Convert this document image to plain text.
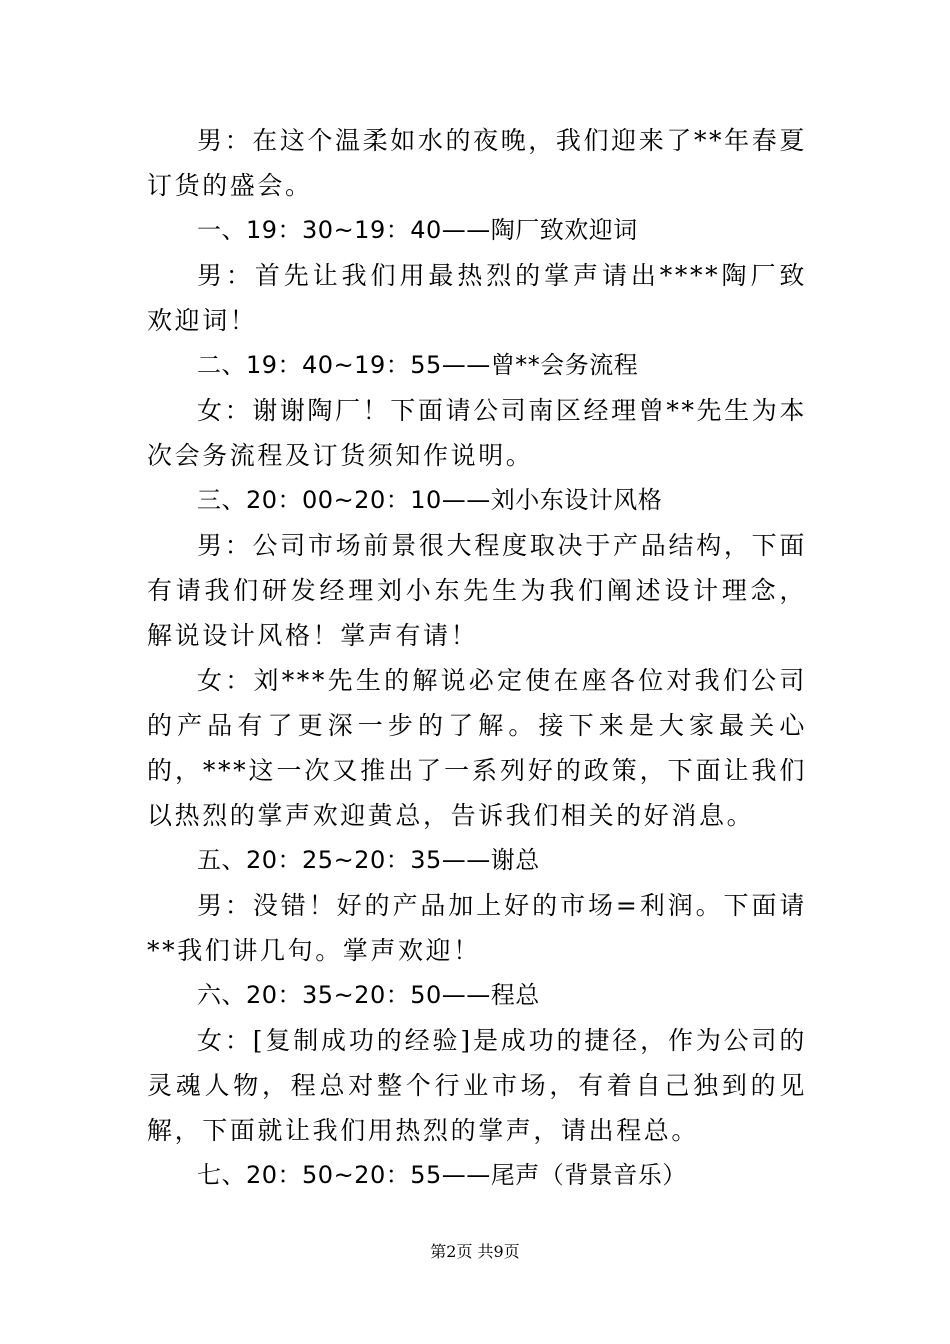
男：在这个温柔如水的夜晚，我们迎来了**年春夏订货的盛会。

一、19：30~19：40——陶厂致欢迎词

男：首先让我们用最热烈的掌声请出****陶厂致欢迎词！

二、19：40~19：55——曾**会务流程

女：谢谢陶厂！下面请公司南区经理曾**先生为本次会务流程及订货须知作说明。

三、20：00~20：10——刘小东设计风格

男：公司市场前景很大程度取决于产品结构，下面有请我们研发经理刘小东先生为我们阐述设计理念，解说设计风格！掌声有请！

女：刘***先生的解说必定使在座各位对我们公司的产品有了更深一步的了解。接下来是大家最关心的，***这一次又推出了一系列好的政策，下面让我们以热烈的掌声欢迎黄总，告诉我们相关的好消息。

五、20：25~20：35——谢总

男：没错！好的产品加上好的市场=利润。下面请**我们讲几句。掌声欢迎！

六、20：35~20：50——程总

女：[复制成功的经验]是成功的捷径，作为公司的灵魂人物，程总对整个行业市场，有着自己独到的见解，下面就让我们用热烈的掌声，请出程总。

七、20：50~20：55——尾声（背景音乐）

第2页 共9页
